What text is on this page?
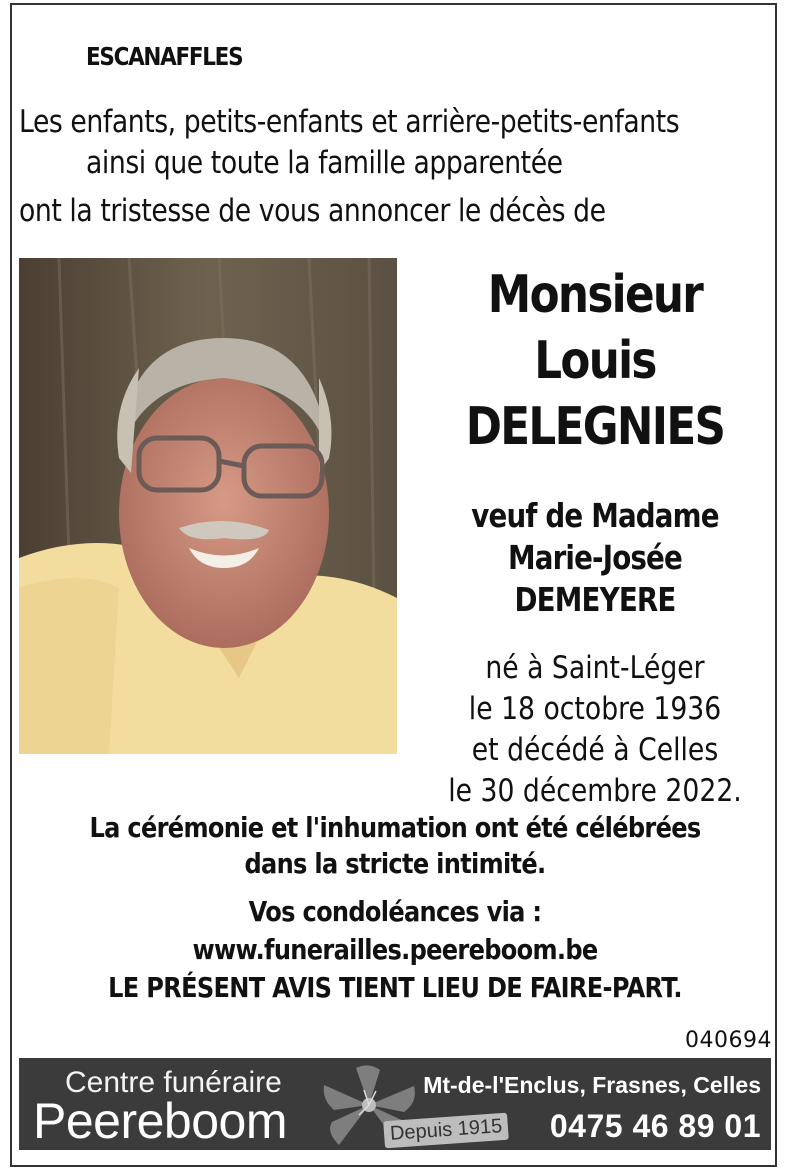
ESCANAFFLES
Les enfants, petits-enfants et arrière-petits-enfants
ainsi que toute la famille apparentée
ont la tristesse de vous annoncer le décès de
Monsieur
Louis
DELEGNIES
veuf de Madame
Marie-Josée
DEMEYERE
né à Saint-Léger
le 18 octobre 1936
et décédé à Celles
le 30 décembre 2022.
La cérémonie et l'inhumation ont été célébrées
dans la stricte intimité.
Vos condoléances via :
www.funerailles.peereboom.be
LE PRÉSENT AVIS TIENT LIEU DE FAIRE-PART.
040694
Centre funéraire
Peereboom	Depuis 1915
Mt-de-l'Enclus, Frasnes, Celles
0475 46 89 01
